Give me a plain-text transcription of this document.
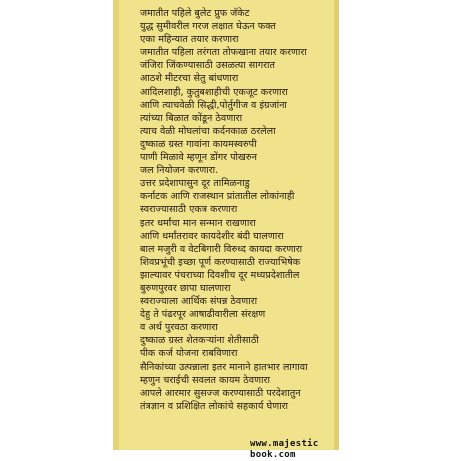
जमातीत पहिले बुलेट प्रुफ जॅकेट
युद्ध सुमीवरील गरज लक्षात घेऊन फक्त
एका महिन्यात तयार करणारा
जमातीत पहिला तरंगता तोफखाना तयार करणारा
जंजिरा जिंकण्यासाठी उसळत्या सागरात
आठशे मीटरचा सेतु बांधणारा
आदिलशाही, कुतुबशाहीची एकजूट करणारा
आणि त्याचवेळी सिद्धी,पोर्तुगीज व इंग्रजांना
त्यांच्या बिळात कोंडून ठेवणारा
त्याच वेळी मोघलांचा कर्दनकाळ ठरलेला
दुष्काळ ग्रस्त गावांना कायमस्वरुपी
पाणी मिळावे म्हणून डोंगर पोखरुन
जल नियोजन करणारा.
उत्तर प्रदेशापासुन दूर तामिळनाडु
कर्नाटक आणि राजस्थान प्रांतातील लोकांनाही
स्वराज्यासाठी एकत्र करणारा
इतर धर्मांचा मान सन्मान राखणारा
आणि धर्मांतरावर कायदेशीर बंदी घालणारा
बाल मजुरी व वेटबिगारी विरुध्द कायदा करणारा
शिवप्रभूंची इच्छा पूर्ण करण्यासाठी राज्याभिषेक
झाल्यावर पंचराच्या दिवशीच दूर मध्यप्रदेशातील
बुरुणपुरवर छापा घालणारा
स्वराज्याला आर्थिक संपन्न ठेवणारा
देहु ते पंढरपूर आषाढीवारीला संरक्षण
व अर्थ पुरवठा करणारा
दुष्काळ ग्रस्त शेतकऱ्यांना शेतीसाठी
पीक कर्ज योजना राबविणारा
सैनिकांच्या उत्पन्नाला इतर मानाने हातभार लागावा
म्हणुन चराईची सवलत कायम ठेवणारा
आपले आरमार सुसज्ज करण्यासाठी परदेशातुन
तंत्रज्ञान व प्रशिक्षित लोकांचे सहकार्य घेणारा
www.majestic book.com
